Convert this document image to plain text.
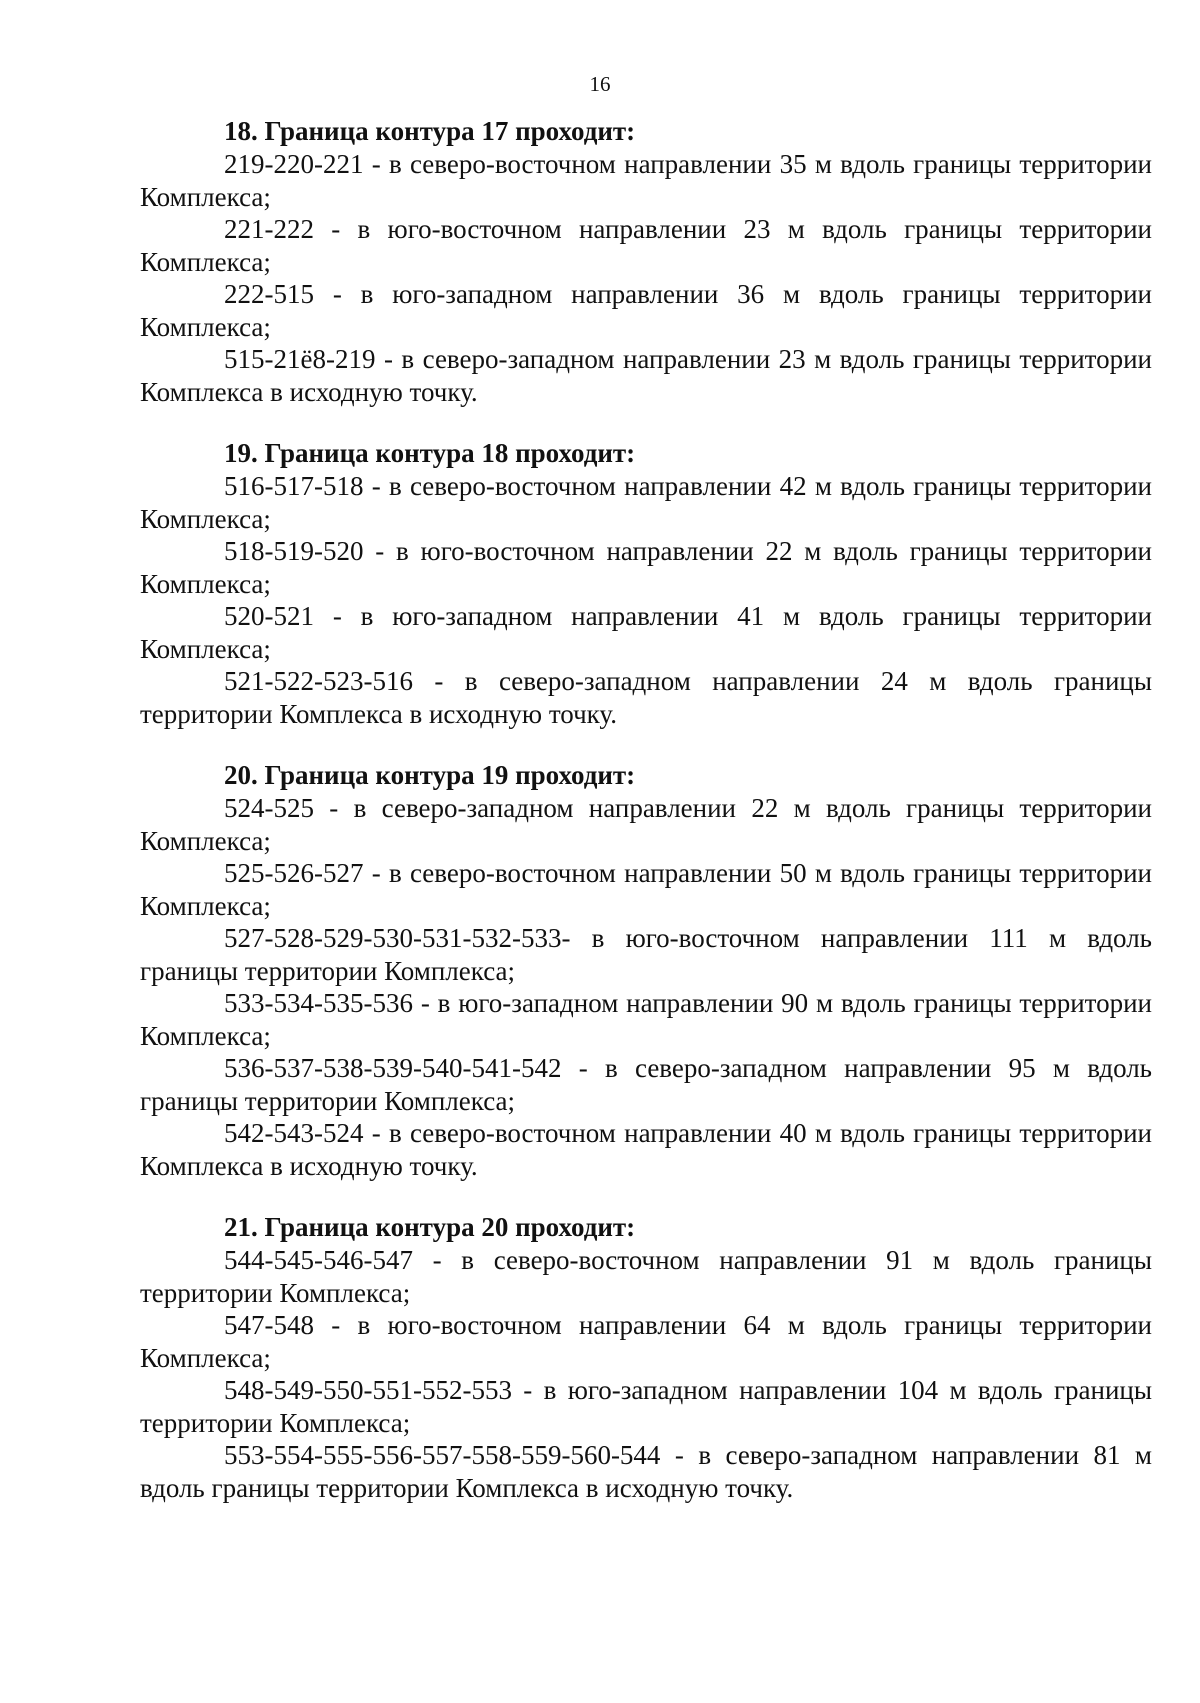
16

18. Граница контура 17 проходит:

219-220-221 - в северо-восточном направлении 35 м вдоль границы территории Комплекса;

221-222 - в юго-восточном направлении 23 м вдоль границы территории Комплекса;

222-515 - в юго-западном направлении 36 м вдоль границы территории Комплекса;

515-21ё8-219 - в северо-западном направлении 23 м вдоль границы территории Комплекса в исходную точку.

19. Граница контура 18 проходит:

516-517-518 - в северо-восточном направлении 42 м вдоль границы территории Комплекса;

518-519-520 - в юго-восточном направлении 22 м вдоль границы территории Комплекса;

520-521 - в юго-западном направлении 41 м вдоль границы территории Комплекса;

521-522-523-516 - в северо-западном направлении 24 м вдоль границы территории Комплекса в исходную точку.

20. Граница контура 19 проходит:

524-525 - в северо-западном направлении 22 м вдоль границы территории Комплекса;

525-526-527 - в северо-восточном направлении 50 м вдоль границы территории Комплекса;

527-528-529-530-531-532-533- в юго-восточном направлении 111 м вдоль границы территории Комплекса;

533-534-535-536 - в юго-западном направлении 90 м вдоль границы территории Комплекса;

536-537-538-539-540-541-542 - в северо-западном направлении 95 м вдоль границы территории Комплекса;

542-543-524 - в северо-восточном направлении 40 м вдоль границы территории Комплекса в исходную точку.

21. Граница контура 20 проходит:

544-545-546-547 - в северо-восточном направлении 91 м вдоль границы территории Комплекса;

547-548 - в юго-восточном направлении 64 м вдоль границы территории Комплекса;

548-549-550-551-552-553 - в юго-западном направлении 104 м вдоль границы территории Комплекса;

553-554-555-556-557-558-559-560-544 - в северо-западном направлении 81 м вдоль границы территории Комплекса в исходную точку.
